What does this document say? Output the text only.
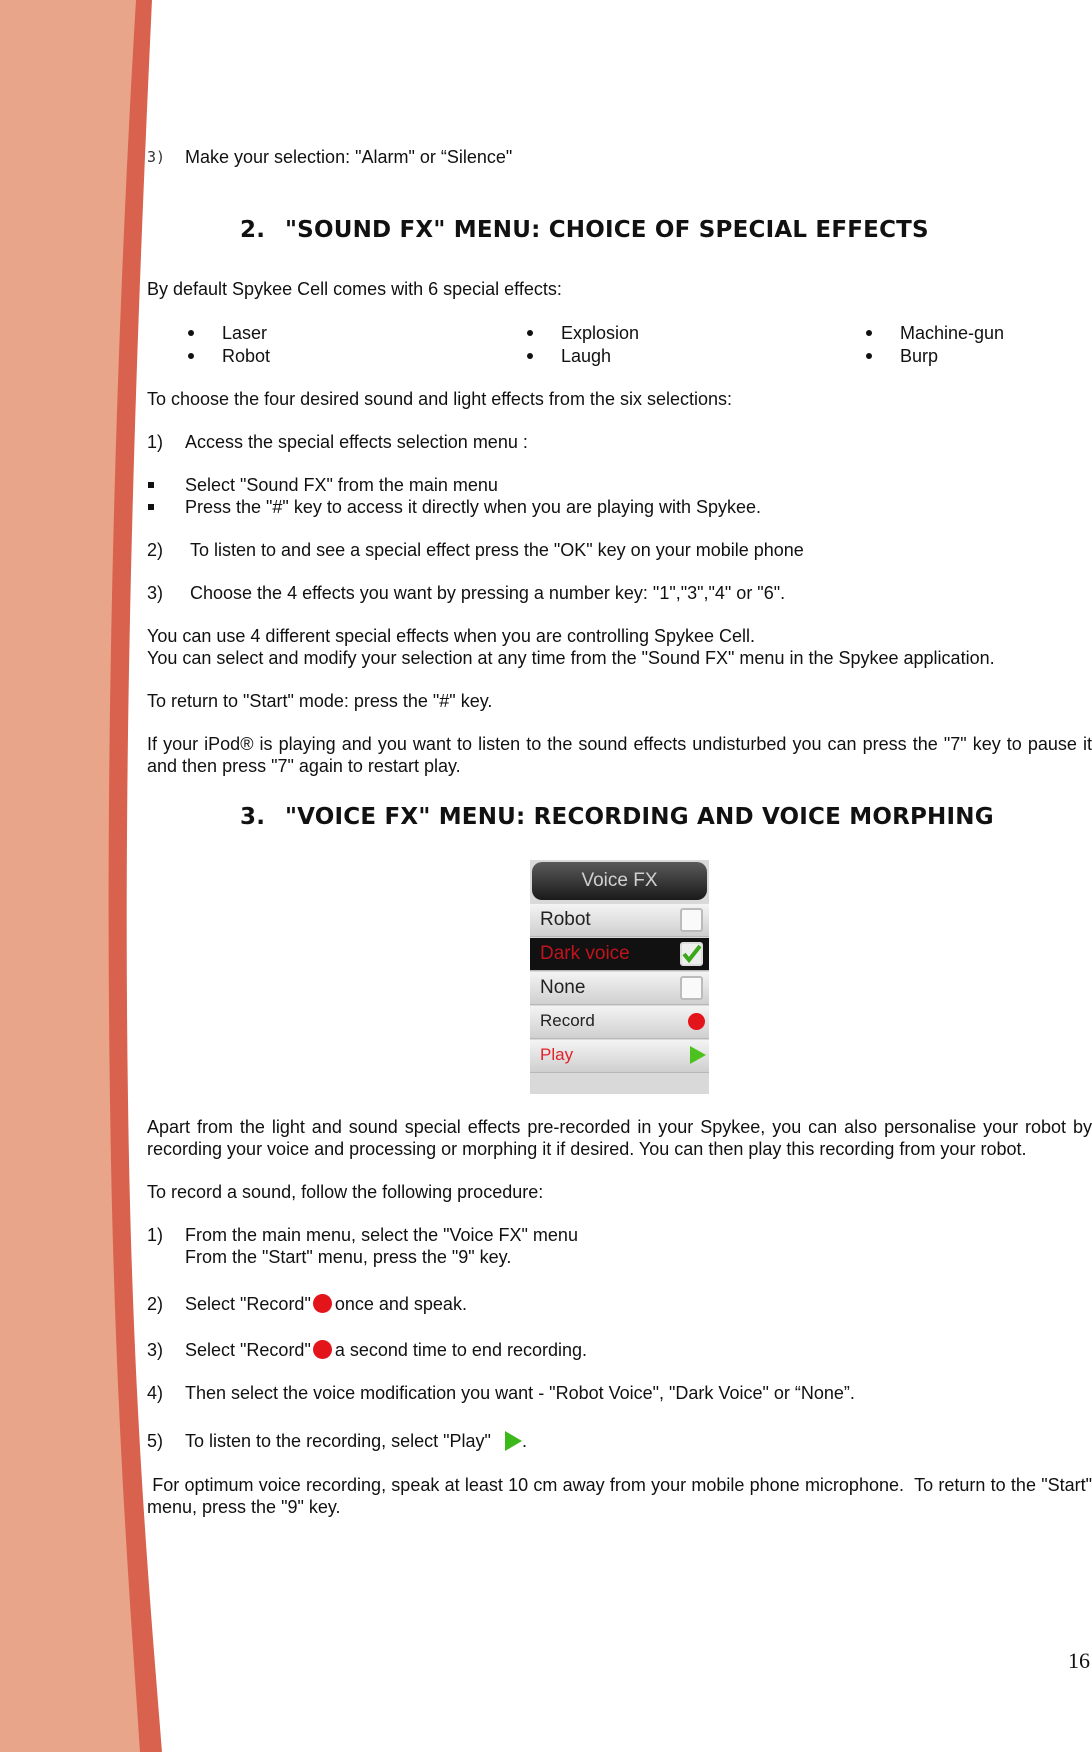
3) Make your selection: "Alarm" or “Silence"
2. "SOUND FX" MENU: CHOICE OF SPECIAL EFFECTS
By default Spykee Cell comes with 6 special effects:
Laser	Explosion	Machine-gun
Robot	Laugh	Burp
To choose the four desired sound and light effects from the six selections:
1) Access the special effects selection menu :
Select "Sound FX" from the main menu
Press the "#" key to access it directly when you are playing with Spykee.
2) To listen to and see a special effect press the "OK" key on your mobile phone
3) Choose the 4 effects you want by pressing a number key: "1","3","4" or "6".
You can use 4 different special effects when you are controlling Spykee Cell.
You can select and modify your selection at any time from the "Sound FX" menu in the Spykee application.
To return to "Start" mode: press the "#" key.
If your iPod® is playing and you want to listen to the sound effects undisturbed you can press the "7" key to pause it and then press "7" again to restart play.
3. "VOICE FX" MENU: RECORDING AND VOICE MORPHING
Voice FX
Robot
Dark voice
None
Record
Play
Apart from the light and sound special effects pre-recorded in your Spykee, you can also personalise your robot by recording your voice and processing or morphing it if desired. You can then play this recording from your robot.
To record a sound, follow the following procedure:
1) From the main menu, select the "Voice FX" menu
From the "Start" menu, press the "9" key.
2) Select "Record" once and speak.
3) Select "Record" a second time to end recording.
4) Then select the voice modification you want - "Robot Voice", "Dark Voice" or “None”.
5) To listen to the recording, select "Play" .
For optimum voice recording, speak at least 10 cm away from your mobile phone microphone.  To return to the "Start" menu, press the "9" key.
16
